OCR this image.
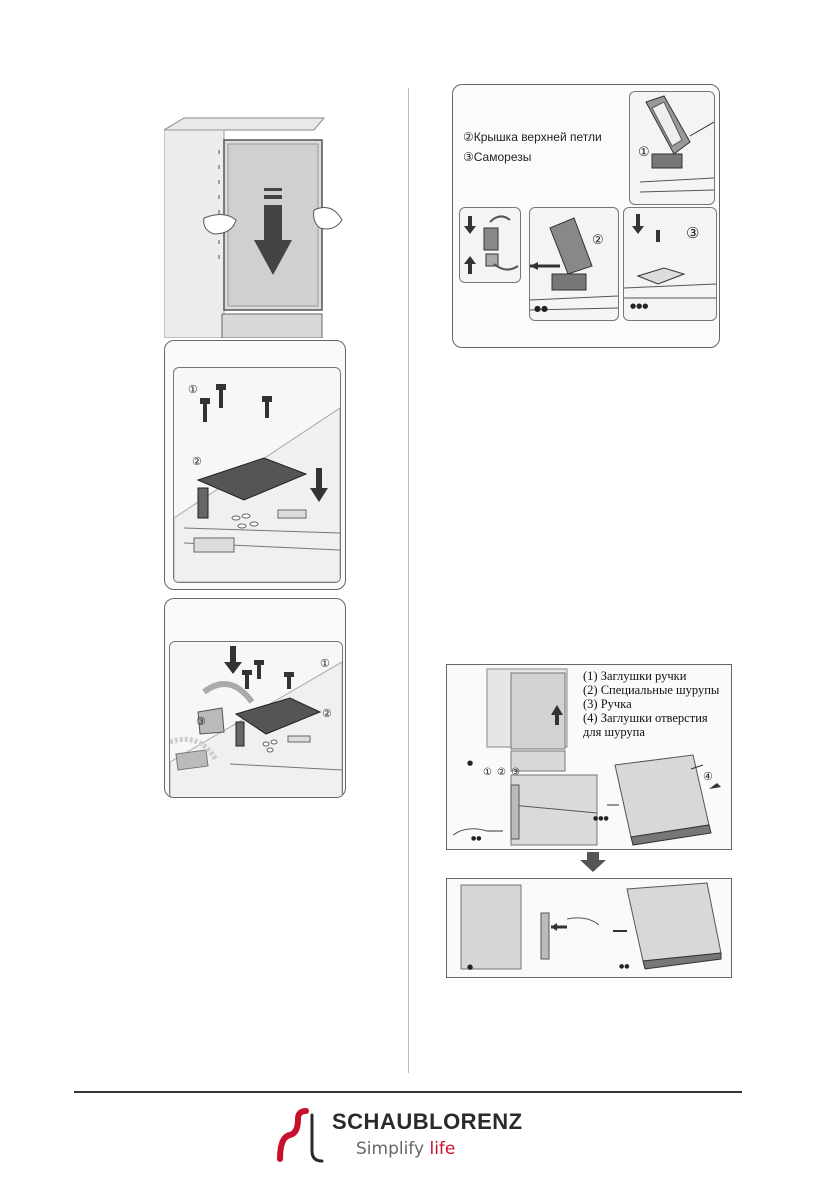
①
②
①
②
③
②Крышка верхней петли
③Саморезы	①
②
●●
③
●●●
(1) Заглушки ручки
(2) Специальные шурупы
(3) Ручка
(4) Заглушки отверстия для шурупа
① ② ③	④
●
●●
●●●
●	●●
SCHAUBLORENZ
Simplify life
